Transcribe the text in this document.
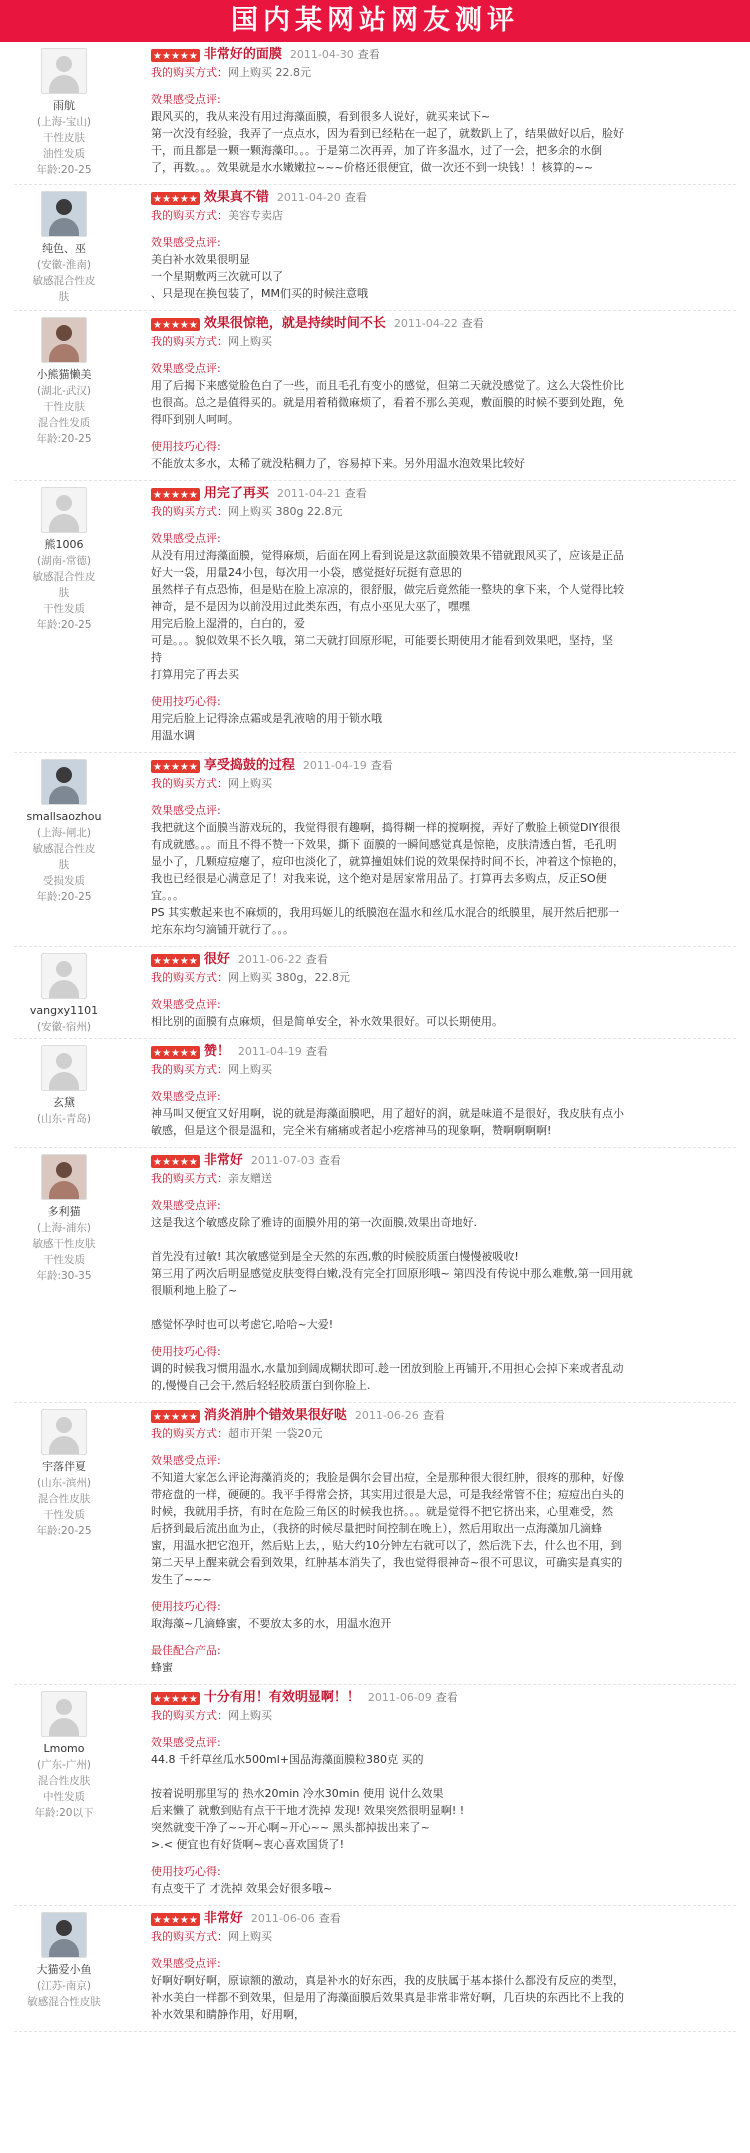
国内某网站网友测评
雨航
(上海-宝山)
干性皮肤
油性发质
年龄:20-25
★★★★★ 非常好的面膜 2011-04-30 查看
我的购买方式：网上购买 22.8元
效果感受点评:
跟风买的，我从来没有用过海藻面膜，看到很多人说好，就买来试下~
第一次没有经验，我弄了一点点水，因为看到已经粘在一起了，就数趴上了，结果做好以后，脸好
干，而且都是一颗一颗海藻印。。。于是第二次再弄，加了许多温水，过了一会，把多余的水倒
了，再数。。。效果就是水水嫩嫩拉~~~价格还很便宜，做一次还不到一块钱！！核算的~~
纯色、巫
(安徽-淮南)
敏感混合性皮
肤
★★★★★ 效果真不错 2011-04-20 查看
我的购买方式：美容专卖店
效果感受点评:
美白补水效果很明显
一个星期敷两三次就可以了
、只是现在换包装了，MM们买的时候注意哦
小熊猫懒美
(湖北-武汉)
干性皮肤
混合性发质
年龄:20-25
★★★★★ 效果很惊艳，就是持续时间不长 2011-04-22 查看
我的购买方式：网上购买
效果感受点评:
用了后揭下来感觉脸色白了一些，而且毛孔有变小的感觉，但第二天就没感觉了。这么大袋性价比
也很高。总之是值得买的。就是用着稍微麻烦了，看着不那么美观，敷面膜的时候不要到处跑，免
得吓到别人呵呵。
使用技巧心得:
不能放太多水，太稀了就没粘稠力了，容易掉下来。另外用温水泡效果比较好
熊1006
(湖南-常德)
敏感混合性皮
肤
干性发质
年龄:20-25
★★★★★ 用完了再买 2011-04-21 查看
我的购买方式：网上购买 380g 22.8元
效果感受点评:
从没有用过海藻面膜，觉得麻烦，后面在网上看到说是这款面膜效果不错就跟风买了，应该是正品
好大一袋，用量24小包，每次用一小袋，感觉挺好玩挺有意思的
虽然样子有点恐怖，但是贴在脸上凉凉的，很舒服，做完后竟然能一整块的拿下来，个人觉得比较
神奇，是不是因为以前没用过此类东西，有点小巫见大巫了，嘿嘿
用完后脸上湿滑的，白白的，爱
可是。。。貌似效果不长久哦，第二天就打回原形呢，可能要长期使用才能看到效果吧，坚持，坚
持
打算用完了再去买
使用技巧心得:
用完后脸上记得涂点霜或是乳液啥的用于锁水哦
用温水调
smallsaozhou
(上海-闸北)
敏感混合性皮
肤
受损发质
年龄:20-25
★★★★★ 享受捣鼓的过程 2011-04-19 查看
我的购买方式：网上购买
效果感受点评:
我把就这个面膜当游戏玩的，我觉得很有趣啊，捣得糊一样的搅啊搅，弄好了敷脸上顿觉DIY很很
有成就感。。。而且不得不赞一下效果，撕下 面膜的一瞬间感觉真是惊艳，皮肤清透白皙，毛孔明
显小了，几颗痘痘瘪了，痘印也淡化了，就算撞姐妹们说的效果保持时间不长，冲着这个惊艳的，
我也已经很是心满意足了！对我来说，这个绝对是居家常用品了。打算再去多购点，反正SO便
宜。。。
PS 其实敷起来也不麻烦的，我用玛姬儿的纸膜泡在温水和丝瓜水混合的纸膜里，展开然后把那一
坨东东均匀滴铺开就行了。。。
vangxy1101
(安徽-宿州)
★★★★★ 很好 2011-06-22 查看
我的购买方式：网上购买 380g，22.8元
效果感受点评:
相比别的面膜有点麻烦，但是简单安全，补水效果很好。可以长期使用。
玄黛
(山东-青岛)
★★★★★ 赞！ 2011-04-19 查看
我的购买方式：网上购买
效果感受点评:
神马叫又便宜又好用啊，说的就是海藻面膜吧，用了超好的润，就是味道不是很好，我皮肤有点小
敏感，但是这个很是温和，完全米有痛痛或者起小疙瘩神马的现象啊，赞啊啊啊啊!
多利猫
(上海-浦东)
敏感干性皮肤
干性发质
年龄:30-35
★★★★★ 非常好 2011-07-03 查看
我的购买方式：亲友赠送
效果感受点评:
这是我这个敏感皮除了雅诗的面膜外用的第一次面膜,效果出奇地好.

首先没有过敏! 其次敏感觉到是全天然的东西,敷的时候胶质蛋白慢慢被吸收!
第三用了两次后明显感觉皮肤变得白嫩,没有完全打回原形哦~ 第四没有传说中那么难敷,第一回用就
很顺利地上脸了~

感觉怀孕时也可以考虑它,哈哈~大爱!
使用技巧心得:
调的时候我习惯用温水,水量加到阔成糊状即可.趁一团放到脸上再铺开,不用担心会掉下来或者乱动
的,慢慢自己会干,然后轻轻胶质蛋白到你脸上.
宇落伴夏
(山东-滨州)
混合性皮肤
干性发质
年龄:20-25
★★★★★ 消炎消肿个错效果很好哒 2011-06-26 查看
我的购买方式：超市开架 一袋20元
效果感受点评:
不知道大家怎么评论海藻消炎的；我脸是偶尔会冒出痘，全是那种很大很红肿，很疼的那种，好像
带疮盘的一样，硬硬的。我平手得常会挤，其实用过很是大忌，可是我经常管不住；痘痘出白头的
时候，我就用手挤，有时在危险三角区的时候我也挤。。。就是觉得不把它挤出来，心里难受，然
后挤到最后流出血为止，（我挤的时候尽量把时间控制在晚上），然后用取出一点海藻加几滴蜂
蜜，用温水把它泡开，然后贴上去，，贴大约10分钟左右就可以了，然后洗下去，什么也不用，到
第二天早上醒来就会看到效果，红肿基本消失了，我也觉得很神奇~很不可思议，可确实是真实的
发生了~~~
使用技巧心得:
取海藻~几滴蜂蜜，不要放太多的水，用温水泡开
最佳配合产品:
蜂蜜
Lmomo
(广东-广州)
混合性皮肤
中性发质
年龄:20以下
★★★★★ 十分有用！有效明显啊！！ 2011-06-09 查看
我的购买方式：网上购买
效果感受点评:
44.8 千纤草丝瓜水500ml+国品海藻面膜粒380克 买的

按着说明那里写的 热水20min 冷水30min 使用 说什么效果
后来懒了 就敷到贴有点干干地才洗掉 发现! 效果突然很明显啊! !
突然就变干净了~~开心啊~开心~~ 黑头都掉拔出来了~
>.< 便宜也有好货啊~衷心喜欢国货了!
使用技巧心得:
有点变干了 才洗掉 效果会好很多哦~
大猫爱小鱼
(江苏-南京)
敏感混合性皮肤
★★★★★ 非常好 2011-06-06 查看
我的购买方式：网上购买
效果感受点评:
好啊好啊好啊，原谅额的激动，真是补水的好东西，我的皮肤属于基本搽什么都没有反应的类型，
补水美白一样都不到效果，但是用了海藻面膜后效果真是非常非常好啊，几百块的东西比不上我的
补水效果和睛静作用，好用啊，
